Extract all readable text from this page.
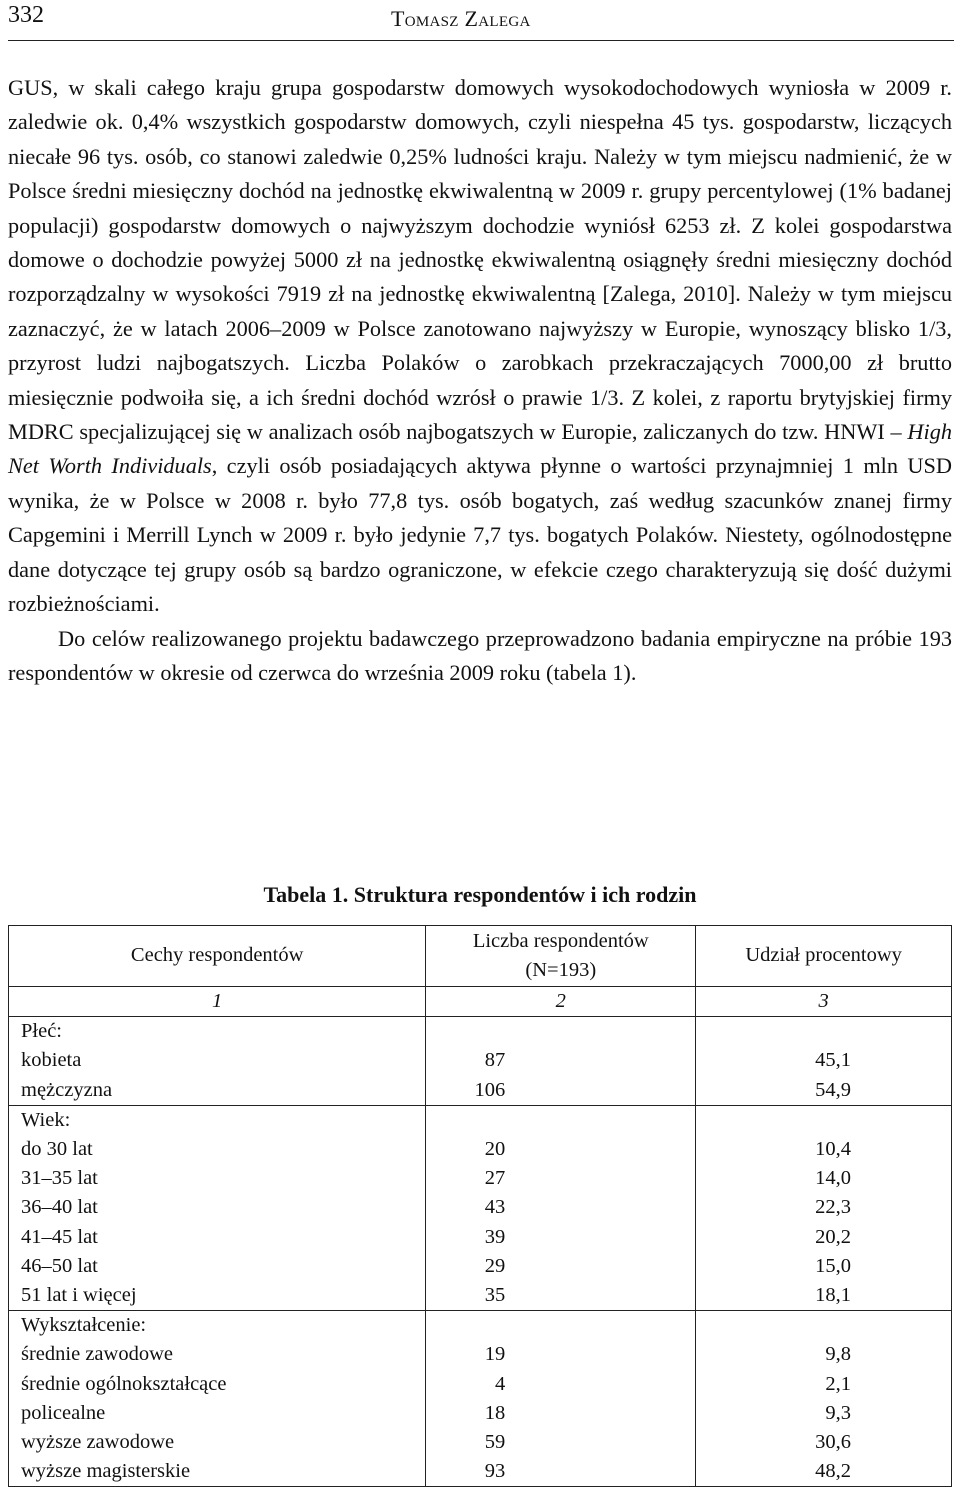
332	Tomasz Zalega

GUS, w skali całego kraju grupa gospodarstw domowych wysokodochodowych wyniosła w 2009 r. zaledwie ok. 0,4% wszystkich gospodarstw domowych, czyli niespełna 45 tys. gospodarstw, liczących niecałe 96 tys. osób, co stanowi zaledwie 0,25% ludności kraju. Należy w tym miejscu nadmienić, że w Polsce średni miesięczny dochód na jednostkę ekwiwalentną w 2009 r. grupy percentylowej (1% badanej populacji) gospodarstw domowych o najwyższym dochodzie wyniósł 6253 zł. Z kolei gospodarstwa domowe o dochodzie powyżej 5000 zł na jednostkę ekwiwalentną osiągnęły średni miesięczny dochód rozporządzalny w wysokości 7919 zł na jednostkę ekwiwalentną [Zalega, 2010]. Należy w tym miejscu zaznaczyć, że w latach 2006–2009 w Polsce zanotowano najwyższy w Europie, wynoszący blisko 1/3, przyrost ludzi najbogatszych. Liczba Polaków o zarobkach przekraczających 7000,00 zł brutto miesięcznie podwoiła się, a ich średni dochód wzrósł o prawie 1/3. Z kolei, z raportu brytyjskiej firmy MDRC specjalizującej się w analizach osób najbogatszych w Europie, zaliczanych do tzw. HNWI – High Net Worth Individuals, czyli osób posiadających aktywa płynne o wartości przynajmniej 1 mln USD wynika, że w Polsce w 2008 r. było 77,8 tys. osób bogatych, zaś według szacunków znanej firmy Capgemini i Merrill Lynch w 2009 r. było jedynie 7,7 tys. bogatych Polaków. Niestety, ogólnodostępne dane dotyczące tej grupy osób są bardzo ograniczone, w efekcie czego charakteryzują się dość dużymi rozbieżnościami.

Do celów realizowanego projektu badawczego przeprowadzono badania empiryczne na próbie 193 respondentów w okresie od czerwca do września 2009 roku (tabela 1).

Tabela 1. Struktura respondentów i ich rodzin
Cechy respondentów	Liczba respondentów (N=193)	Udział procentowy
1	2	3
Płeć:		
kobieta	87	45,1
mężczyzna	106	54,9
Wiek:		
do 30 lat	20	10,4
31–35 lat	27	14,0
36–40 lat	43	22,3
41–45 lat	39	20,2
46–50 lat	29	15,0
51 lat i więcej	35	18,1
Wykształcenie:		
średnie zawodowe	19	9,8
średnie ogólnokształcące	4	2,1
policealne	18	9,3
wyższe zawodowe	59	30,6
wyższe magisterskie	93	48,2
